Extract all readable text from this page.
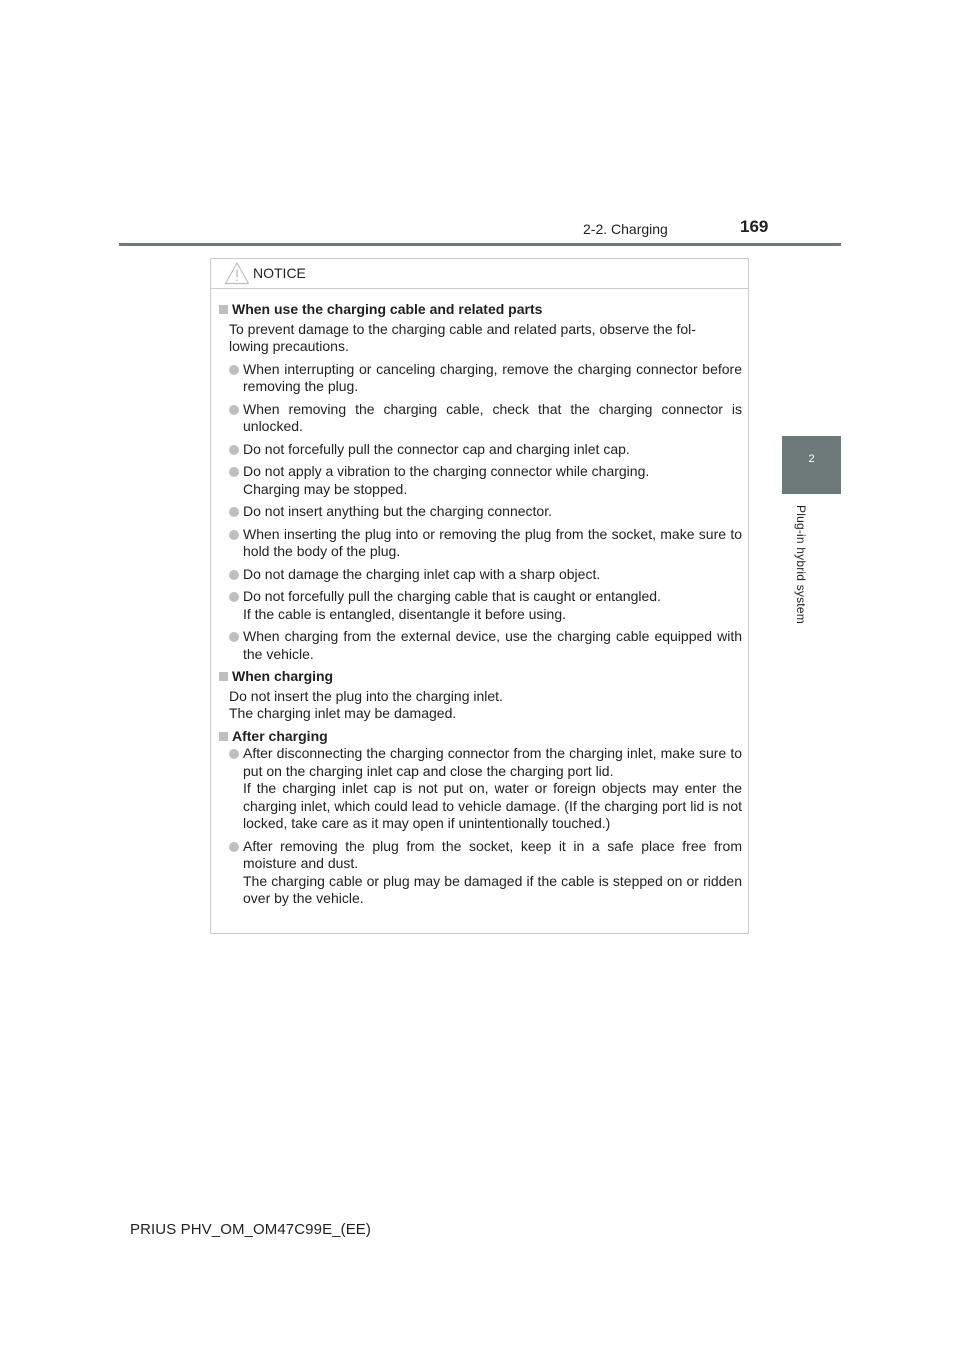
2-2. Charging	169
2
Plug-in hybrid system
NOTICE
When use the charging cable and related parts
To prevent damage to the charging cable and related parts, observe the fol-
lowing precautions.
When interrupting or canceling charging, remove the charging connector before removing the plug.
When removing the charging cable, check that the charging connector is unlocked.
Do not forcefully pull the connector cap and charging inlet cap.
Do not apply a vibration to the charging connector while charging.
Charging may be stopped.
Do not insert anything but the charging connector.
When inserting the plug into or removing the plug from the socket, make sure to hold the body of the plug.
Do not damage the charging inlet cap with a sharp object.
Do not forcefully pull the charging cable that is caught or entangled.
If the cable is entangled, disentangle it before using.
When charging from the external device, use the charging cable equipped with the vehicle.
When charging
Do not insert the plug into the charging inlet.
The charging inlet may be damaged.
After charging
After disconnecting the charging connector from the charging inlet, make sure to put on the charging inlet cap and close the charging port lid.
If the charging inlet cap is not put on, water or foreign objects may enter the charging inlet, which could lead to vehicle damage. (If the charging port lid is not locked, take care as it may open if unintentionally touched.)
After removing the plug from the socket, keep it in a safe place free from moisture and dust.
The charging cable or plug may be damaged if the cable is stepped on or ridden over by the vehicle.
PRIUS PHV_OM_OM47C99E_(EE)
